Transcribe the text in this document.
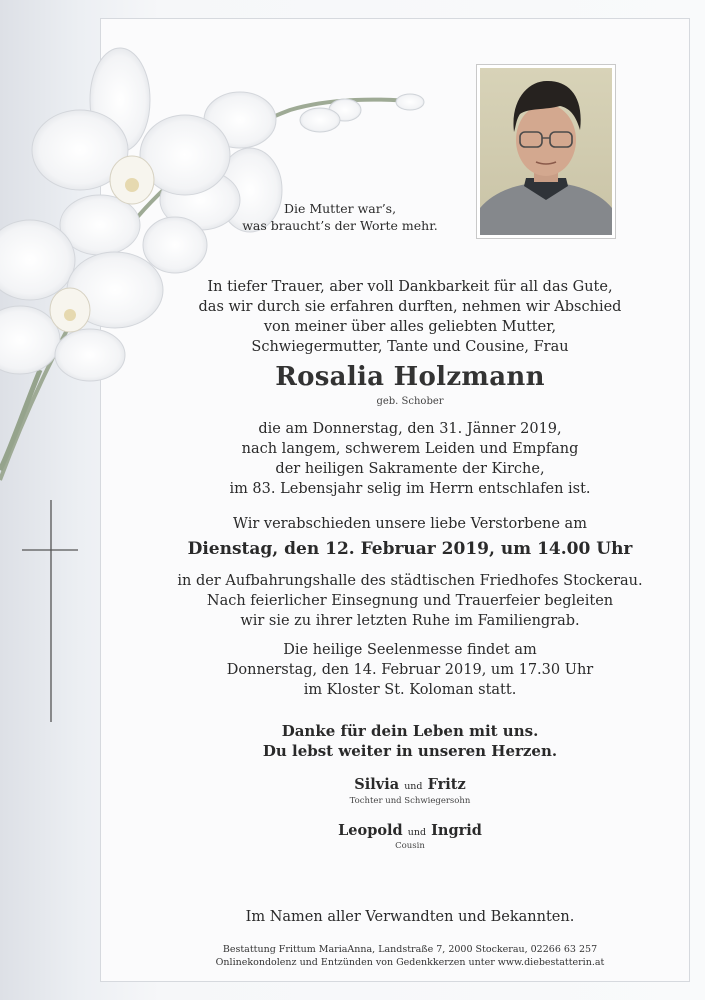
Die Mutter war’s,
was braucht’s der Worte mehr.
In tiefer Trauer, aber voll Dankbarkeit für all das Gute,
das wir durch sie erfahren durften, nehmen wir Abschied
von meiner über alles geliebten Mutter,
Schwiegermutter, Tante und Cousine, Frau
Rosalia Holzmann
geb. Schober
die am Donnerstag, den 31. Jänner 2019,
nach langem, schwerem Leiden und Empfang
der heiligen Sakramente der Kirche,
im 83. Lebensjahr selig im Herrn entschlafen ist.
Wir verabschieden unsere liebe Verstorbene am
Dienstag, den 12. Februar 2019, um 14.00 Uhr
in der Aufbahrungshalle des städtischen Friedhofes Stockerau.
Nach feierlicher Einsegnung und Trauerfeier begleiten
wir sie zu ihrer letzten Ruhe im Familiengrab.
Die heilige Seelenmesse findet am
Donnerstag, den 14. Februar 2019, um 17.30 Uhr
im Kloster St. Koloman statt.
Danke für dein Leben mit uns.
Du lebst weiter in unseren Herzen.
Silvia und Fritz
Tochter und Schwiegersohn
Leopold und Ingrid
Cousin
Im Namen aller Verwandten und Bekannten.
Bestattung Frittum MariaAnna, Landstraße 7, 2000 Stockerau, 02266 63 257
Onlinekondolenz und Entzünden von Gedenkkerzen unter www.diebestatterin.at
